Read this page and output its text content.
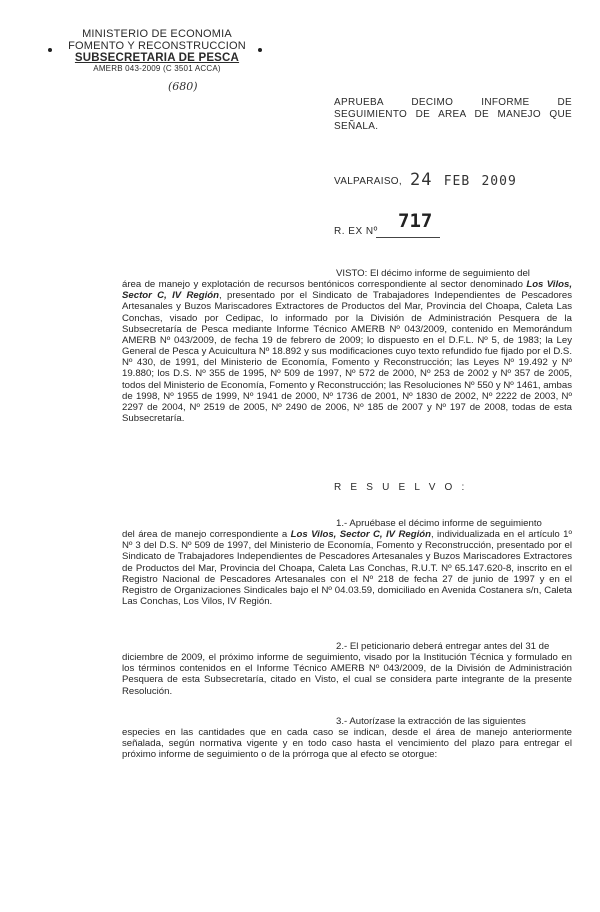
MINISTERIO DE ECONOMIA
FOMENTO Y RECONSTRUCCION
SUBSECRETARIA DE PESCA
AMERB 043-2009 (C 3501 ACCA)
(680)
APRUEBA DECIMO INFORME DE SEGUIMIENTO DE AREA DE MANEJO QUE SEÑALA.
VALPARAISO, 24 FEB 2009
R. EX Nº 717
VISTO: El décimo informe de seguimiento del
área de manejo y explotación de recursos bentónicos correspondiente al sector denominado Los Vilos, Sector C, IV Región, presentado por el Sindicato de Trabajadores Independientes de Pescadores Artesanales y Buzos Mariscadores Extractores de Productos del Mar, Provincia del Choapa, Caleta Las Conchas, visado por Cedipac, lo informado por la División de Administración Pesquera de la Subsecretaría de Pesca mediante Informe Técnico AMERB Nº 043/2009, contenido en Memorándum AMERB Nº 043/2009, de fecha 19 de febrero de 2009; lo dispuesto en el D.F.L. Nº 5, de 1983; la Ley General de Pesca y Acuicultura Nº 18.892 y sus modificaciones cuyo texto refundido fue fijado por el D.S. Nº 430, de 1991, del Ministerio de Economía, Fomento y Reconstrucción; las Leyes Nº 19.492 y Nº 19.880; los D.S. Nº 355 de 1995, Nº 509 de 1997, Nº 572 de 2000, Nº 253 de 2002 y Nº 357 de 2005, todos del Ministerio de Economía, Fomento y Reconstrucción; las Resoluciones Nº 550 y Nº 1461, ambas de 1998, Nº 1955 de 1999, Nº 1941 de 2000, Nº 1736 de 2001, Nº 1830 de 2002, Nº 2222 de 2003, Nº 2297 de 2004, Nº 2519 de 2005, Nº 2490 de 2006, Nº 185 de 2007 y Nº 197 de 2008, todas de esta Subsecretaría.
R E S U E L V O :
1.- Apruébase el décimo informe de seguimiento
del área de manejo correspondiente a Los Vilos, Sector C, IV Región, individualizada en el artículo 1º Nº 3 del D.S. Nº 509 de 1997, del Ministerio de Economía, Fomento y Reconstrucción, presentado por el Sindicato de Trabajadores Independientes de Pescadores Artesanales y Buzos Mariscadores Extractores de Productos del Mar, Provincia del Choapa, Caleta Las Conchas, R.U.T. Nº 65.147.620-8, inscrito en el Registro Nacional de Pescadores Artesanales con el Nº 218 de fecha 27 de junio de 1997 y en el Registro de Organizaciones Sindicales bajo el Nº 04.03.59, domiciliado en Avenida Costanera s/n, Caleta Las Conchas, Los Vilos, IV Región.
2.- El peticionario deberá entregar antes del 31 de
diciembre de 2009, el próximo informe de seguimiento, visado por la Institución Técnica y formulado en los términos contenidos en el Informe Técnico AMERB Nº 043/2009, de la División de Administración Pesquera de esta Subsecretaría, citado en Visto, el cual se considera parte integrante de la presente Resolución.
3.- Autorízase la extracción de las siguientes
especies en las cantidades que en cada caso se indican, desde el área de manejo anteriormente señalada, según normativa vigente y en todo caso hasta el vencimiento del plazo para entregar el próximo informe de seguimiento o de la prórroga que al efecto se otorgue:
